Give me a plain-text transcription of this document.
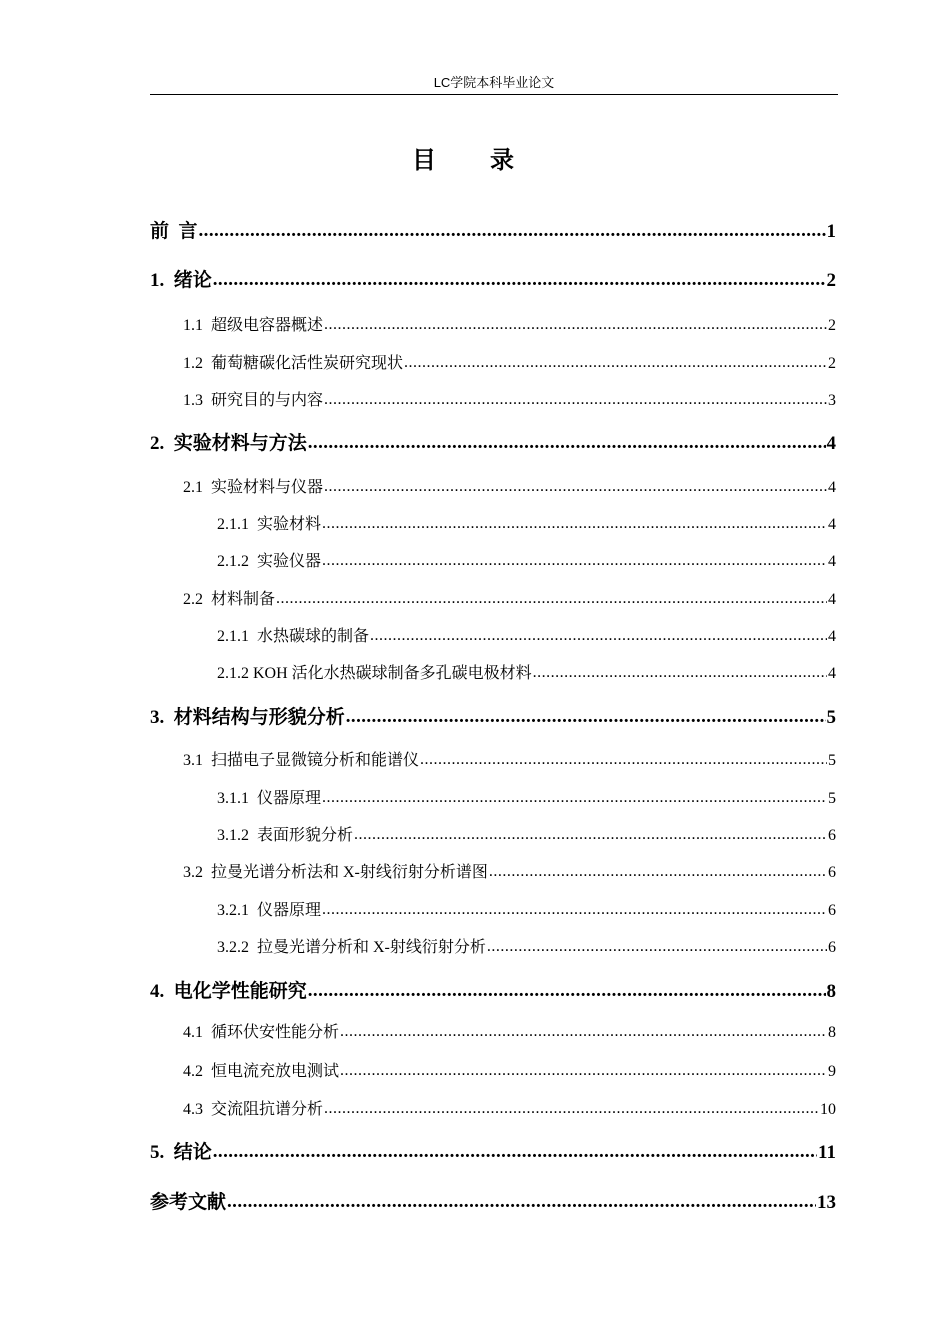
LC学院本科毕业论文
目 录
前  言 .....	1
1. 绪论 .....	2
1.1 超级电容器概述 .....	2
1.2 葡萄糖碳化活性炭研究现状 .....	2
1.3 研究目的与内容 .....	3
2. 实验材料与方法 .....	4
2.1 实验材料与仪器 .....	4
2.1.1 实验材料 .....	4
2.1.2 实验仪器 .....	4
2.2 材料制备 .....	4
2.1.1 水热碳球的制备 .....	4
2.1.2 KOH 活化水热碳球制备多孔碳电极材料 .....	4
3. 材料结构与形貌分析 .....	5
3.1 扫描电子显微镜分析和能谱仪 .....	5
3.1.1 仪器原理 .....	5
3.1.2 表面形貌分析 .....	6
3.2 拉曼光谱分析法和 X-射线衍射分析谱图 .....	6
3.2.1 仪器原理 .....	6
3.2.2 拉曼光谱分析和 X-射线衍射分析 .....	6
4. 电化学性能研究 .....	8
4.1 循环伏安性能分析 .....	8
4.2 恒电流充放电测试 .....	9
4.3 交流阻抗谱分析 .....	10
5. 结论 .....	11
参考文献 .....	13
